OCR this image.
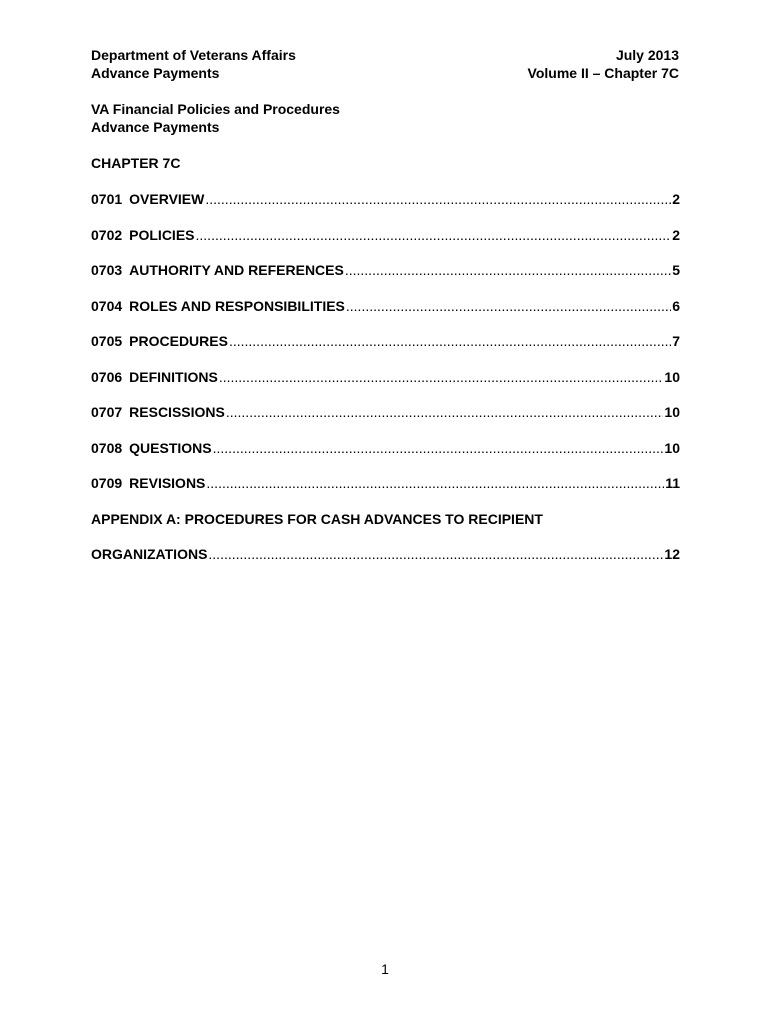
Department of Veterans Affairs
Advance Payments
July 2013
Volume II – Chapter 7C
VA Financial Policies and Procedures
Advance Payments
CHAPTER 7C
0701 OVERVIEW .....	2
0702 POLICIES .....	2
0703 AUTHORITY AND REFERENCES .....	5
0704 ROLES AND RESPONSIBILITIES .....	6
0705 PROCEDURES .....	7
0706 DEFINITIONS .....	10
0707 RESCISSIONS .....	10
0708 QUESTIONS .....	10
0709 REVISIONS .....	11
APPENDIX A: PROCEDURES FOR CASH ADVANCES TO RECIPIENT
ORGANIZATIONS .....	12
1
